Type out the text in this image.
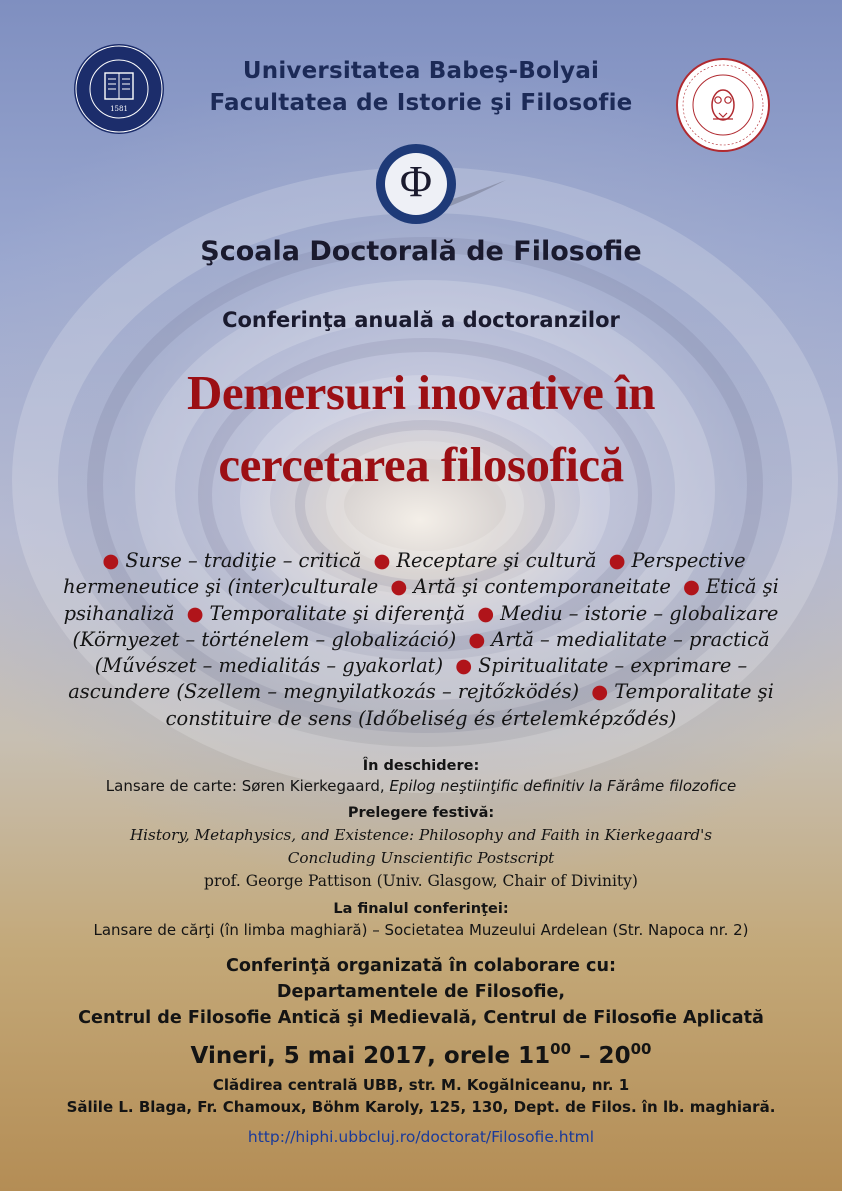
1581
Universitatea Babeş-Bolyai
Facultatea de Istorie şi Filosofie
Φ
Şcoala Doctorală de Filosofie
Conferinţa anuală a doctoranzilor
Demersuri inovative în
cercetarea filosofică
● Surse – tradiţie – critică ● Receptare şi cultură ● Perspective hermeneutice şi (inter)culturale ● Artă şi contemporaneitate ● Etică şi psihanaliză ● Temporalitate şi diferenţă ● Mediu – istorie – globalizare (Környezet – történelem – globalizáció) ● Artă – medialitate – practică (Művészet – medialitás – gyakorlat) ● Spiritualitate – exprimare – ascundere (Szellem – megnyilatkozás – rejtőzködés) ● Temporalitate şi constituire de sens (Időbeliség és értelemképződés)
În deschidere:
Lansare de carte: Søren Kierkegaard, Epilog neştiinţific definitiv la Fărâme filozofice
Prelegere festivă:
History, Metaphysics, and Existence: Philosophy and Faith in Kierkegaard's
Concluding Unscientific Postscript
prof. George Pattison (Univ. Glasgow, Chair of Divinity)
La finalul conferinţei:
Lansare de cărţi (în limba maghiară) – Societatea Muzeului Ardelean (Str. Napoca nr. 2)
Conferinţă organizată în colaborare cu:
Departamentele de Filosofie,
Centrul de Filosofie Antică şi Medievală, Centrul de Filosofie Aplicată
Vineri, 5 mai 2017, orele $11^{00} - 20^{00}$
Clădirea centrală UBB, str. M. Kogălniceanu, nr. 1
Sălile L. Blaga, Fr. Chamoux, Böhm Karoly, 125, 130, Dept. de Filos. în lb. maghiară.
http://hiphi.ubbcluj.ro/doctorat/Filosofie.html
